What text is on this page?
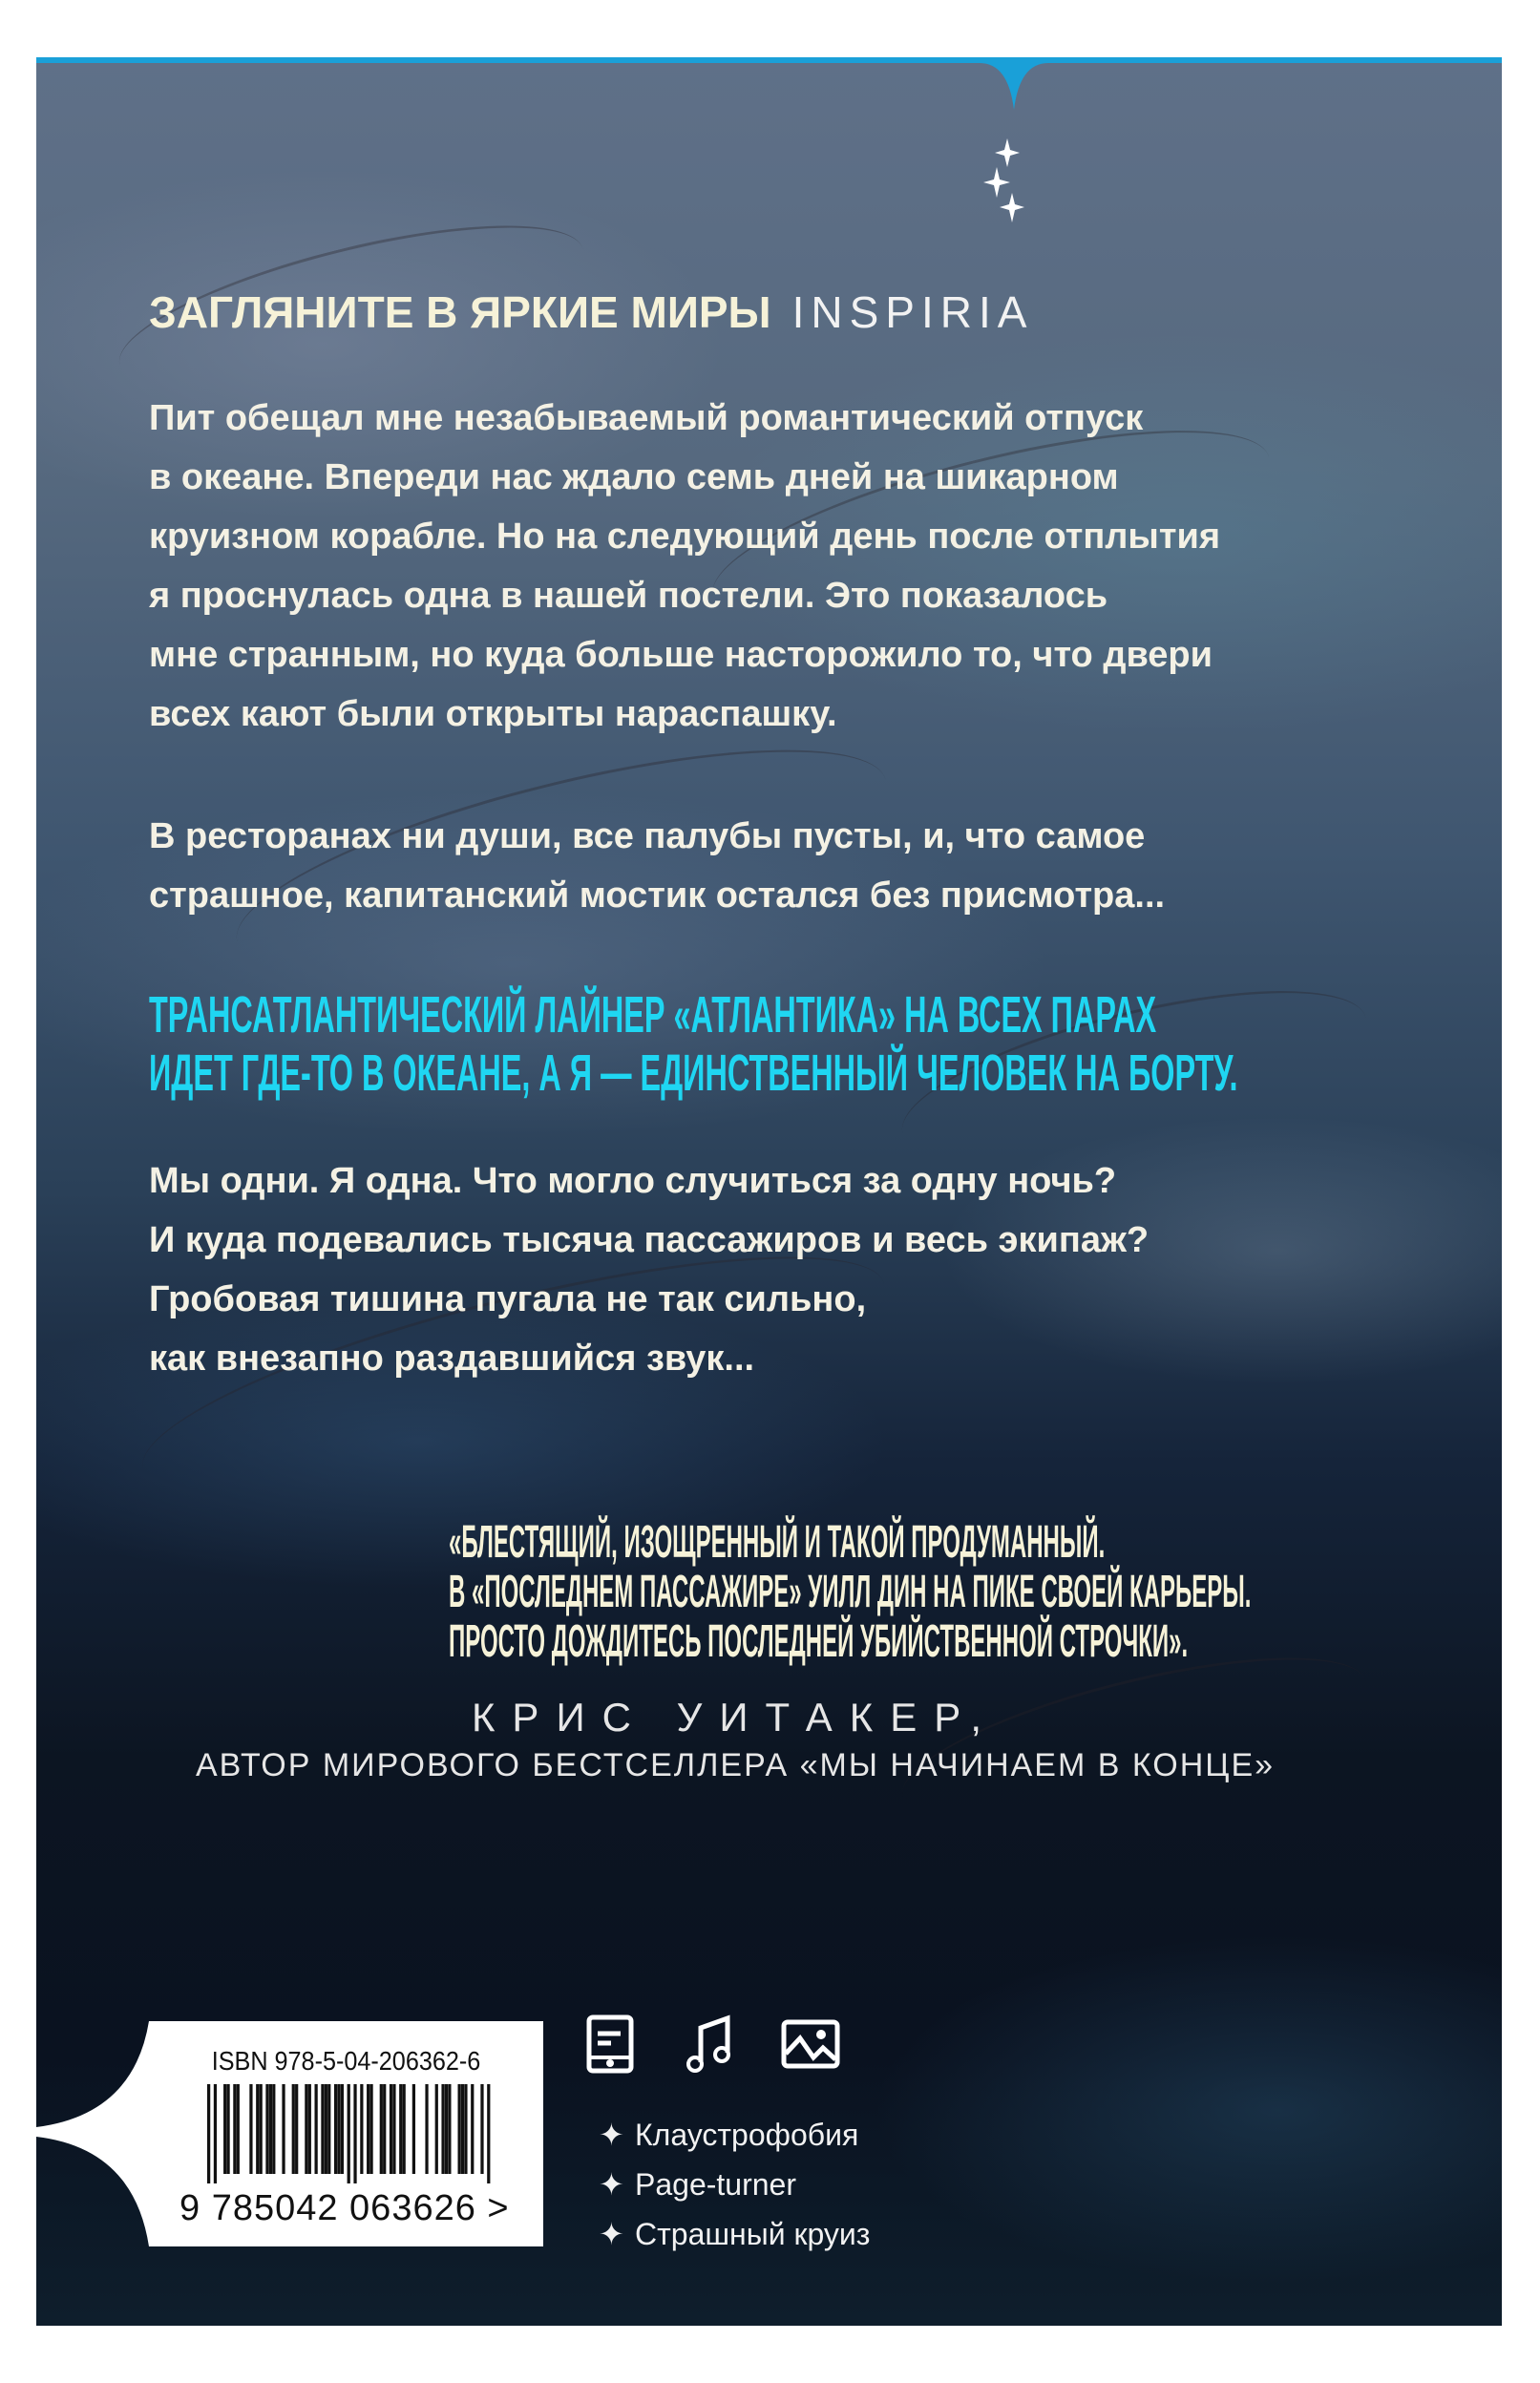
ЗАГЛЯНИТЕ В ЯРКИЕ МИРЫ INSPIRIA
Пит обещал мне незабываемый романтический отпуск
в океане. Впереди нас ждало семь дней на шикарном
круизном корабле. Но на следующий день после отплытия
я проснулась одна в нашей постели. Это показалось
мне странным, но куда больше насторожило то, что двери
всех кают были открыты нараспашку.
В ресторанах ни души, все палубы пусты, и, что самое
страшное, капитанский мостик остался без присмотра...
ТРАНСАТЛАНТИЧЕСКИЙ ЛАЙНЕР «АТЛАНТИКА» НА ВСЕХ ПАРАХ
ИДЕТ ГДЕ-ТО В ОКЕАНЕ, А Я — ЕДИНСТВЕННЫЙ ЧЕЛОВЕК НА БОРТУ.
Мы одни. Я одна. Что могло случиться за одну ночь?
И куда подевались тысяча пассажиров и весь экипаж?
Гробовая тишина пугала не так сильно,
как внезапно раздавшийся звук...
«БЛЕСТЯЩИЙ, ИЗОЩРЕННЫЙ И ТАКОЙ ПРОДУМАННЫЙ.
В «ПОСЛЕДНЕМ ПАССАЖИРЕ» УИЛЛ ДИН НА ПИКЕ СВОЕЙ КАРЬЕРЫ.
ПРОСТО ДОЖДИТЕСЬ ПОСЛЕДНЕЙ УБИЙСТВЕННОЙ СТРОЧКИ».
КРИС УИТАКЕР,
АВТОР МИРОВОГО БЕСТСЕЛЛЕРА «МЫ НАЧИНАЕМ В КОНЦЕ»
ISBN 978-5-04-206362-6
9 785042 063626 >
✦ Клаустрофобия
✦ Page-turner
✦ Страшный круиз
